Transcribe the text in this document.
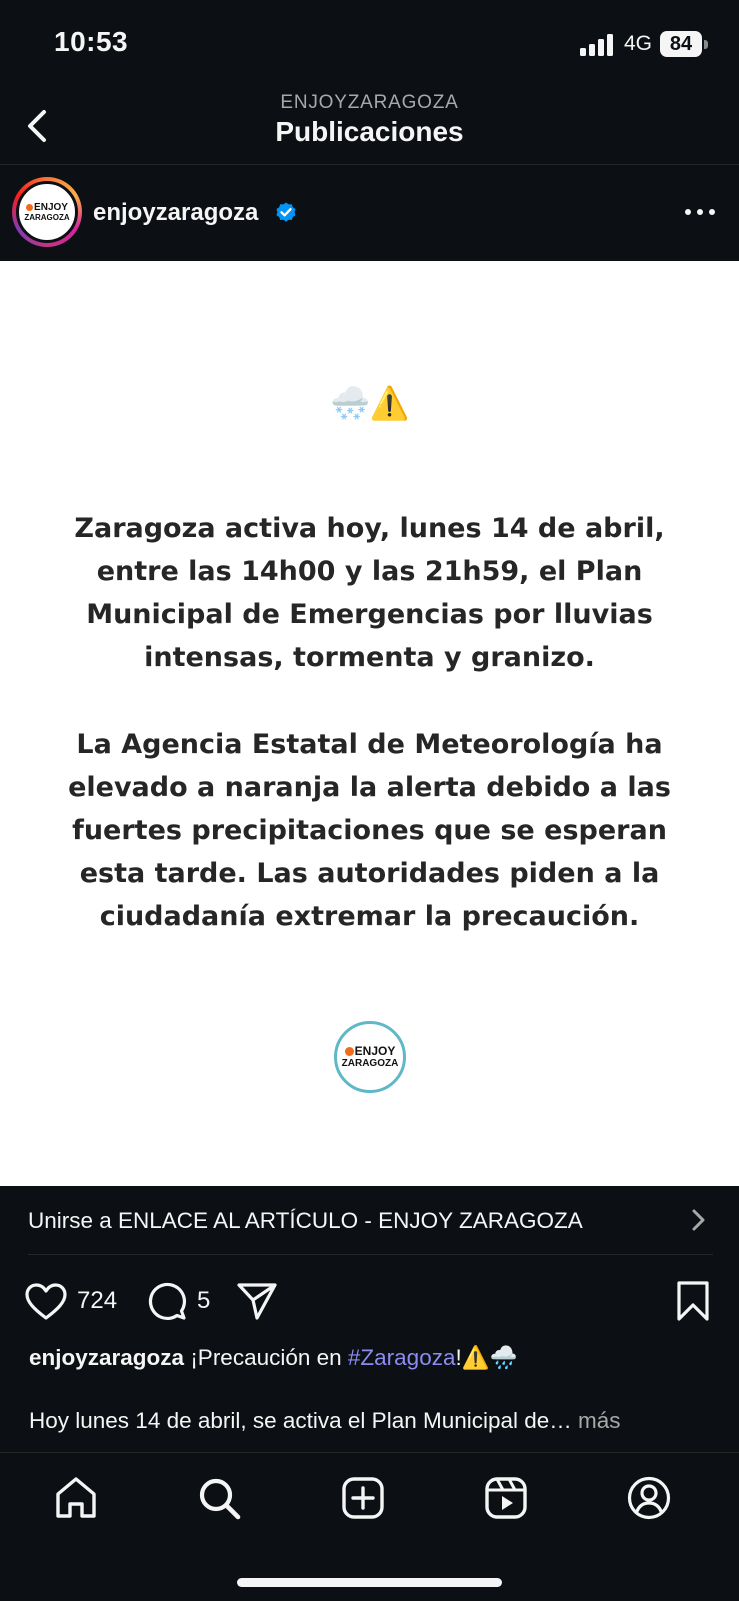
10:53	4G 84
ENJOYZARAGOZA
Publicaciones
ENJOY
ZARAGOZA enjoyzaragoza
🌨️⚠️
Zaragoza activa hoy, lunes 14 de abril, entre las 14h00 y las 21h59, el Plan Municipal de Emergencias por lluvias intensas, tormenta y granizo.
La Agencia Estatal de Meteorología ha elevado a naranja la alerta debido a las fuertes precipitaciones que se esperan esta tarde. Las autoridades piden a la ciudadanía extremar la precaución.
ENJOY
ZARAGOZA
Unirse a ENLACE AL ARTÍCULO - ENJOY ZARAGOZA
724	5
enjoyzaragoza ¡Precaución en #Zaragoza!⚠️🌧️
Hoy lunes 14 de abril, se activa el Plan Municipal de… más
